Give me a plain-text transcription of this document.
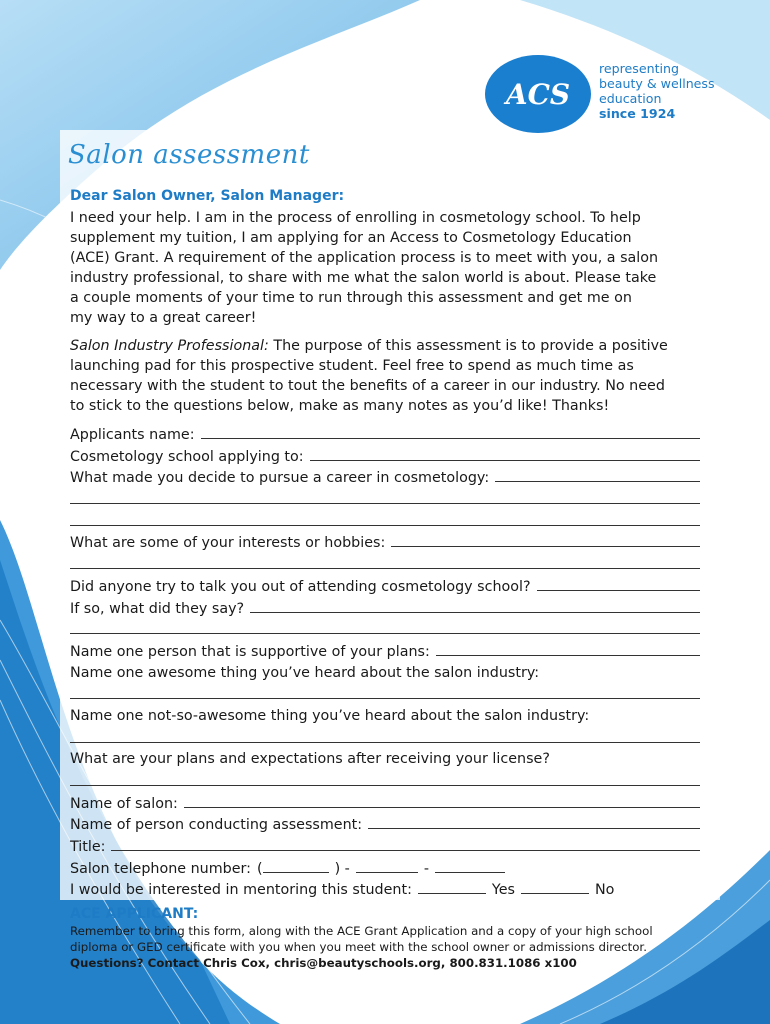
ACS
representing
beauty & wellness
education
since 1924
Salon assessment
Dear Salon Owner, Salon Manager:

I need your help. I am in the process of enrolling in cosmetology school. To help

supplement my tuition, I am applying for an Access to Cosmetology Education

(ACE) Grant. A requirement of the application process is to meet with you, a salon

industry professional, to share with me what the salon world is about. Please take

a couple moments of your time to run through this assessment and get me on

my way to a great career!

Salon Industry Professional: The purpose of this assessment is to provide a positive

launching pad for this prospective student. Feel free to spend as much time as

necessary with the student to tout the benefits of a career in our industry. No need

to stick to the questions below, make as many notes as you’d like! Thanks!

Applicants name:
Cosmetology school applying to:
What made you decide to pursue a career in cosmetology:
What are some of your interests or hobbies:
Did anyone try to talk you out of attending cosmetology school?
If so, what did they say?
Name one person that is supportive of your plans:
Name one awesome thing you’ve heard about the salon industry:
Name one not-so-awesome thing you’ve heard about the salon industry:
What are your plans and expectations after receiving your license?
Name of salon:
Name of person conducting assessment:
Title:
Salon telephone number: (	) -	-
I would be interested in mentoring this student:	Yes	No
ACE APPLICANT:
Remember to bring this form, along with the ACE Grant Application and a copy of your high school
diploma or GED certificate with you when you meet with the school owner or admissions director.
Questions? Contact Chris Cox, chris@beautyschools.org, 800.831.1086 x100
